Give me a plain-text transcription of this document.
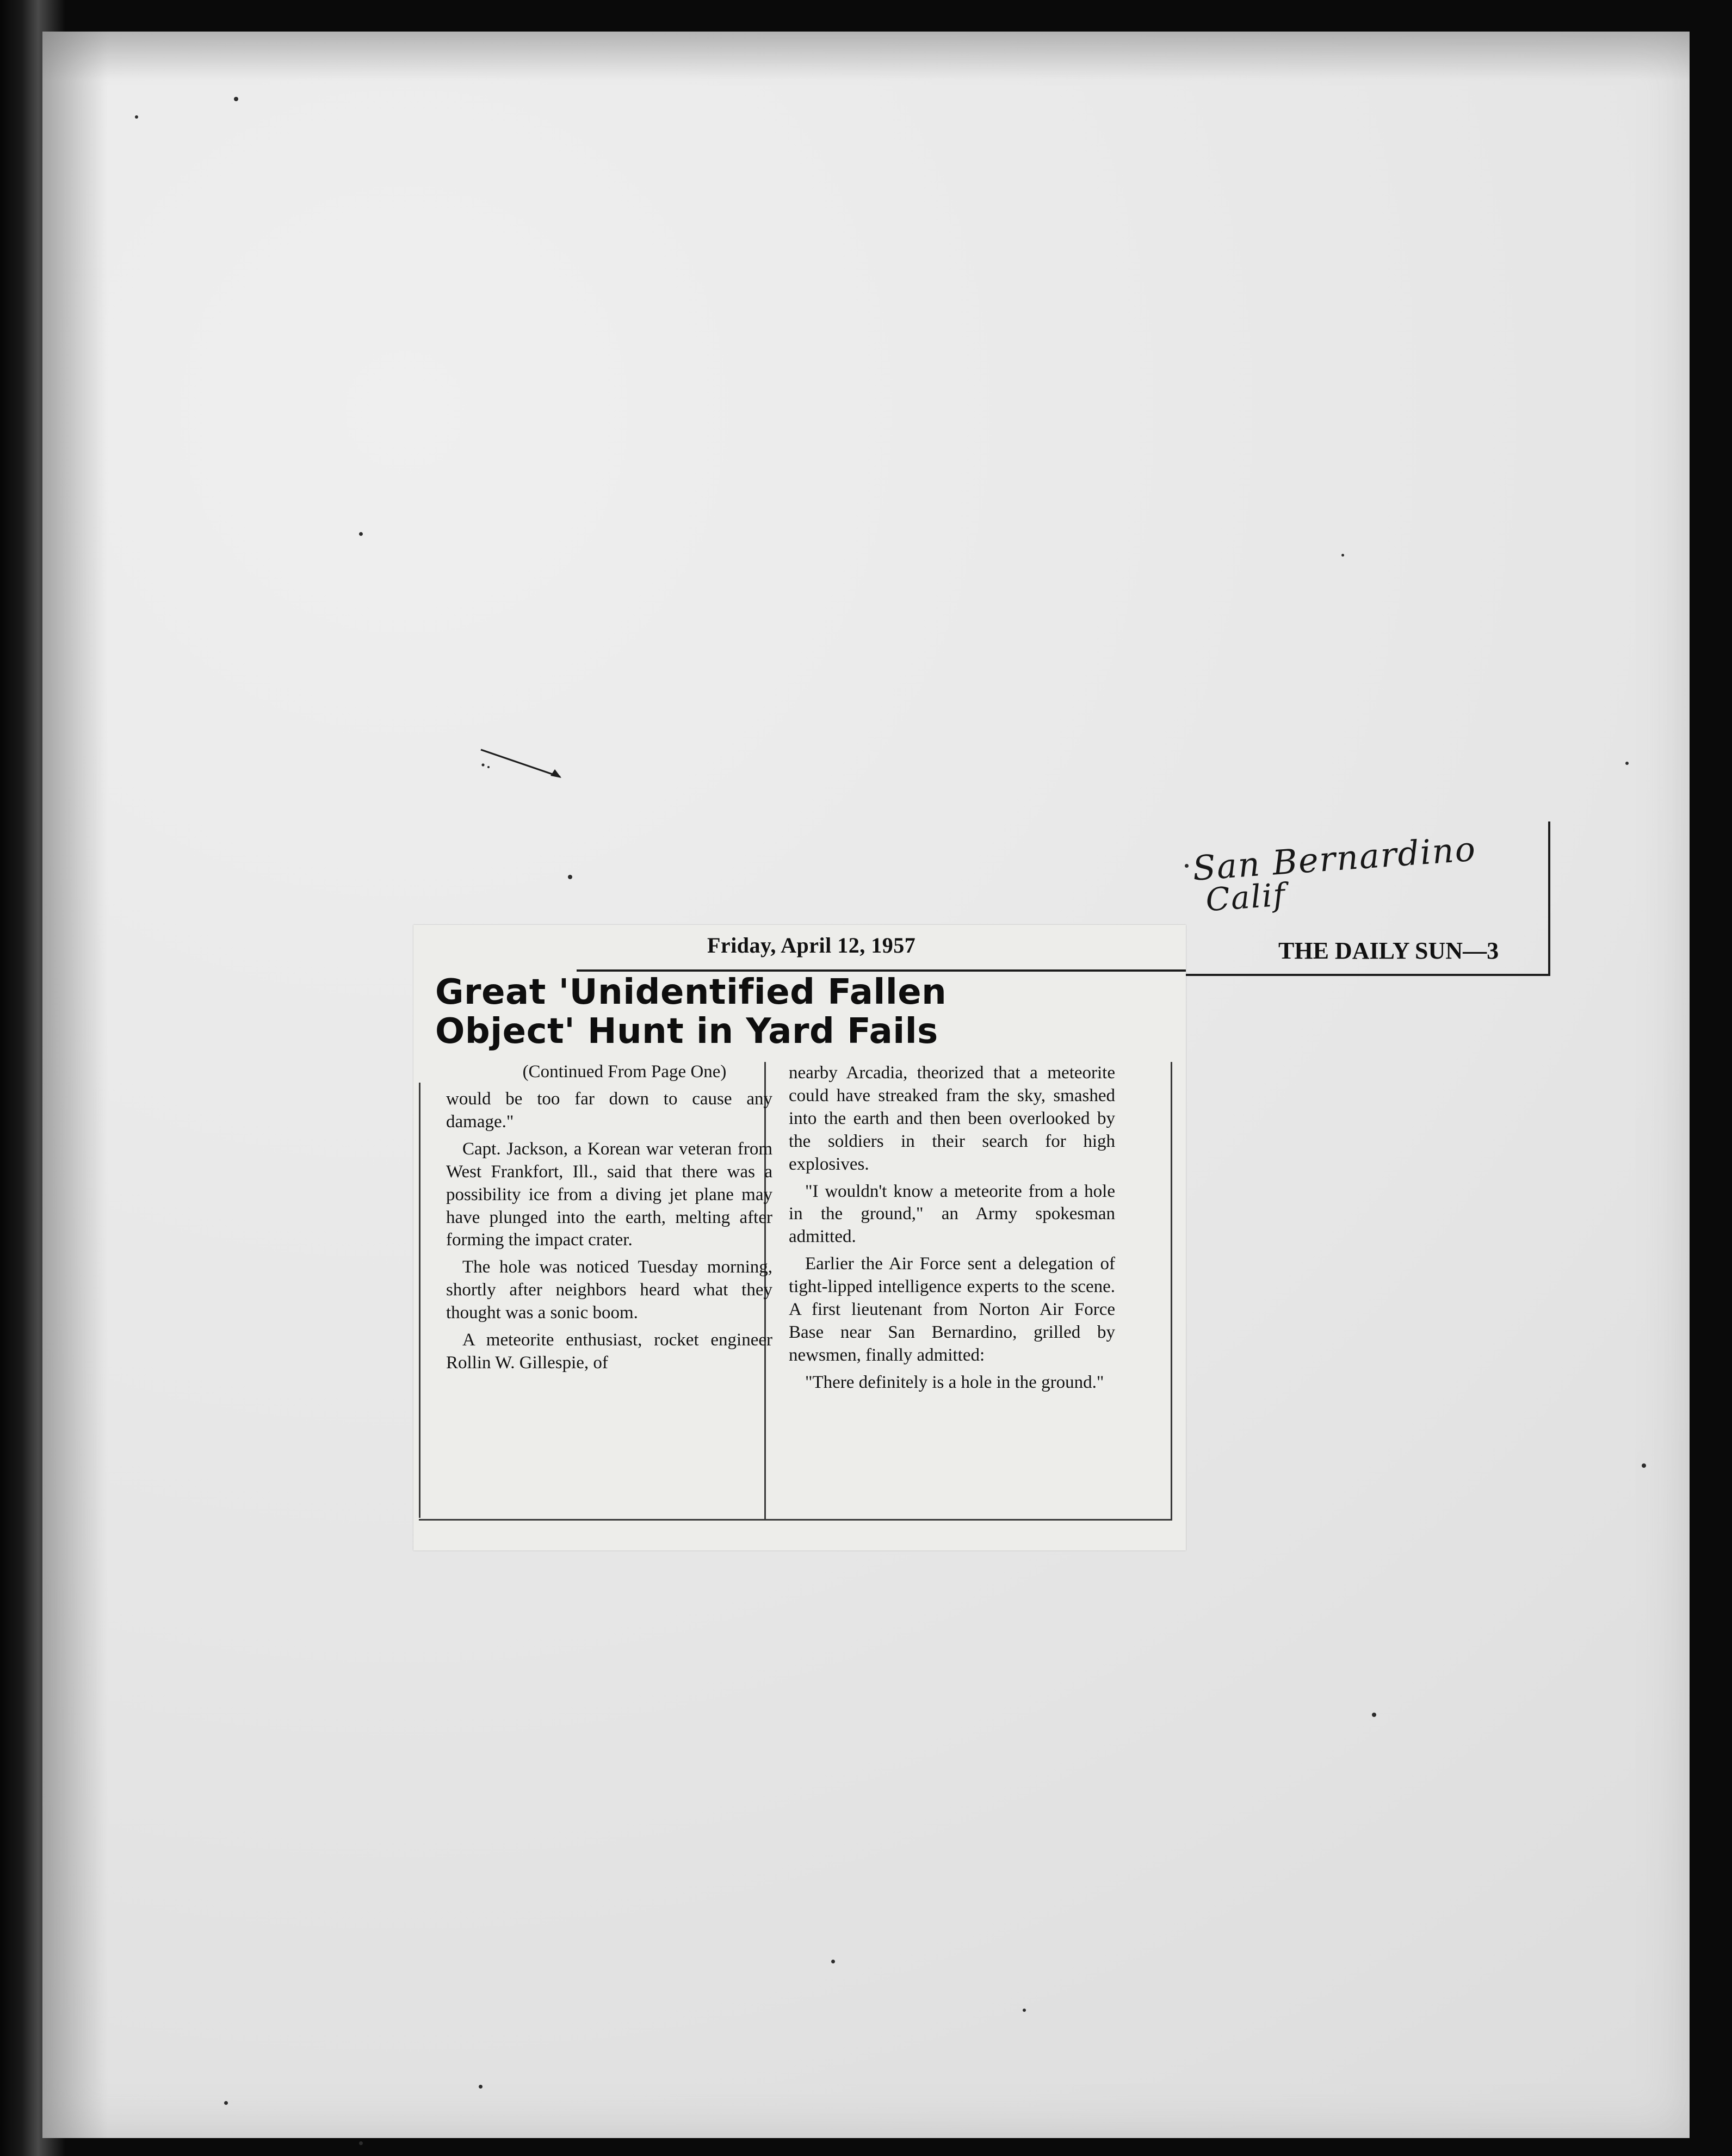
THE DAILY SUN—3
San Bernardino
Calif
Friday, April 12, 1957
Great 'Unidentified Fallen
Object' Hunt in Yard Fails
(Continued From Page One)

would be too far down to cause any damage."

Capt. Jackson, a Korean war veteran from West Frankfort, Ill., said that there was a possibility ice from a diving jet plane may have plunged into the earth, melting after forming the impact crater.

The hole was noticed Tuesday morning, shortly after neighbors heard what they thought was a sonic boom.

A meteorite enthusiast, rocket engineer Rollin W. Gillespie, of

nearby Arcadia, theorized that a meteorite could have streaked fram the sky, smashed into the earth and then been overlooked by the soldiers in their search for high explosives.

"I wouldn't know a meteorite from a hole in the ground," an Army spokesman admitted.

Earlier the Air Force sent a delegation of tight-lipped intelligence experts to the scene. A first lieutenant from Norton Air Force Base near San Bernardino, grilled by newsmen, finally admitted:

"There definitely is a hole in the ground."
